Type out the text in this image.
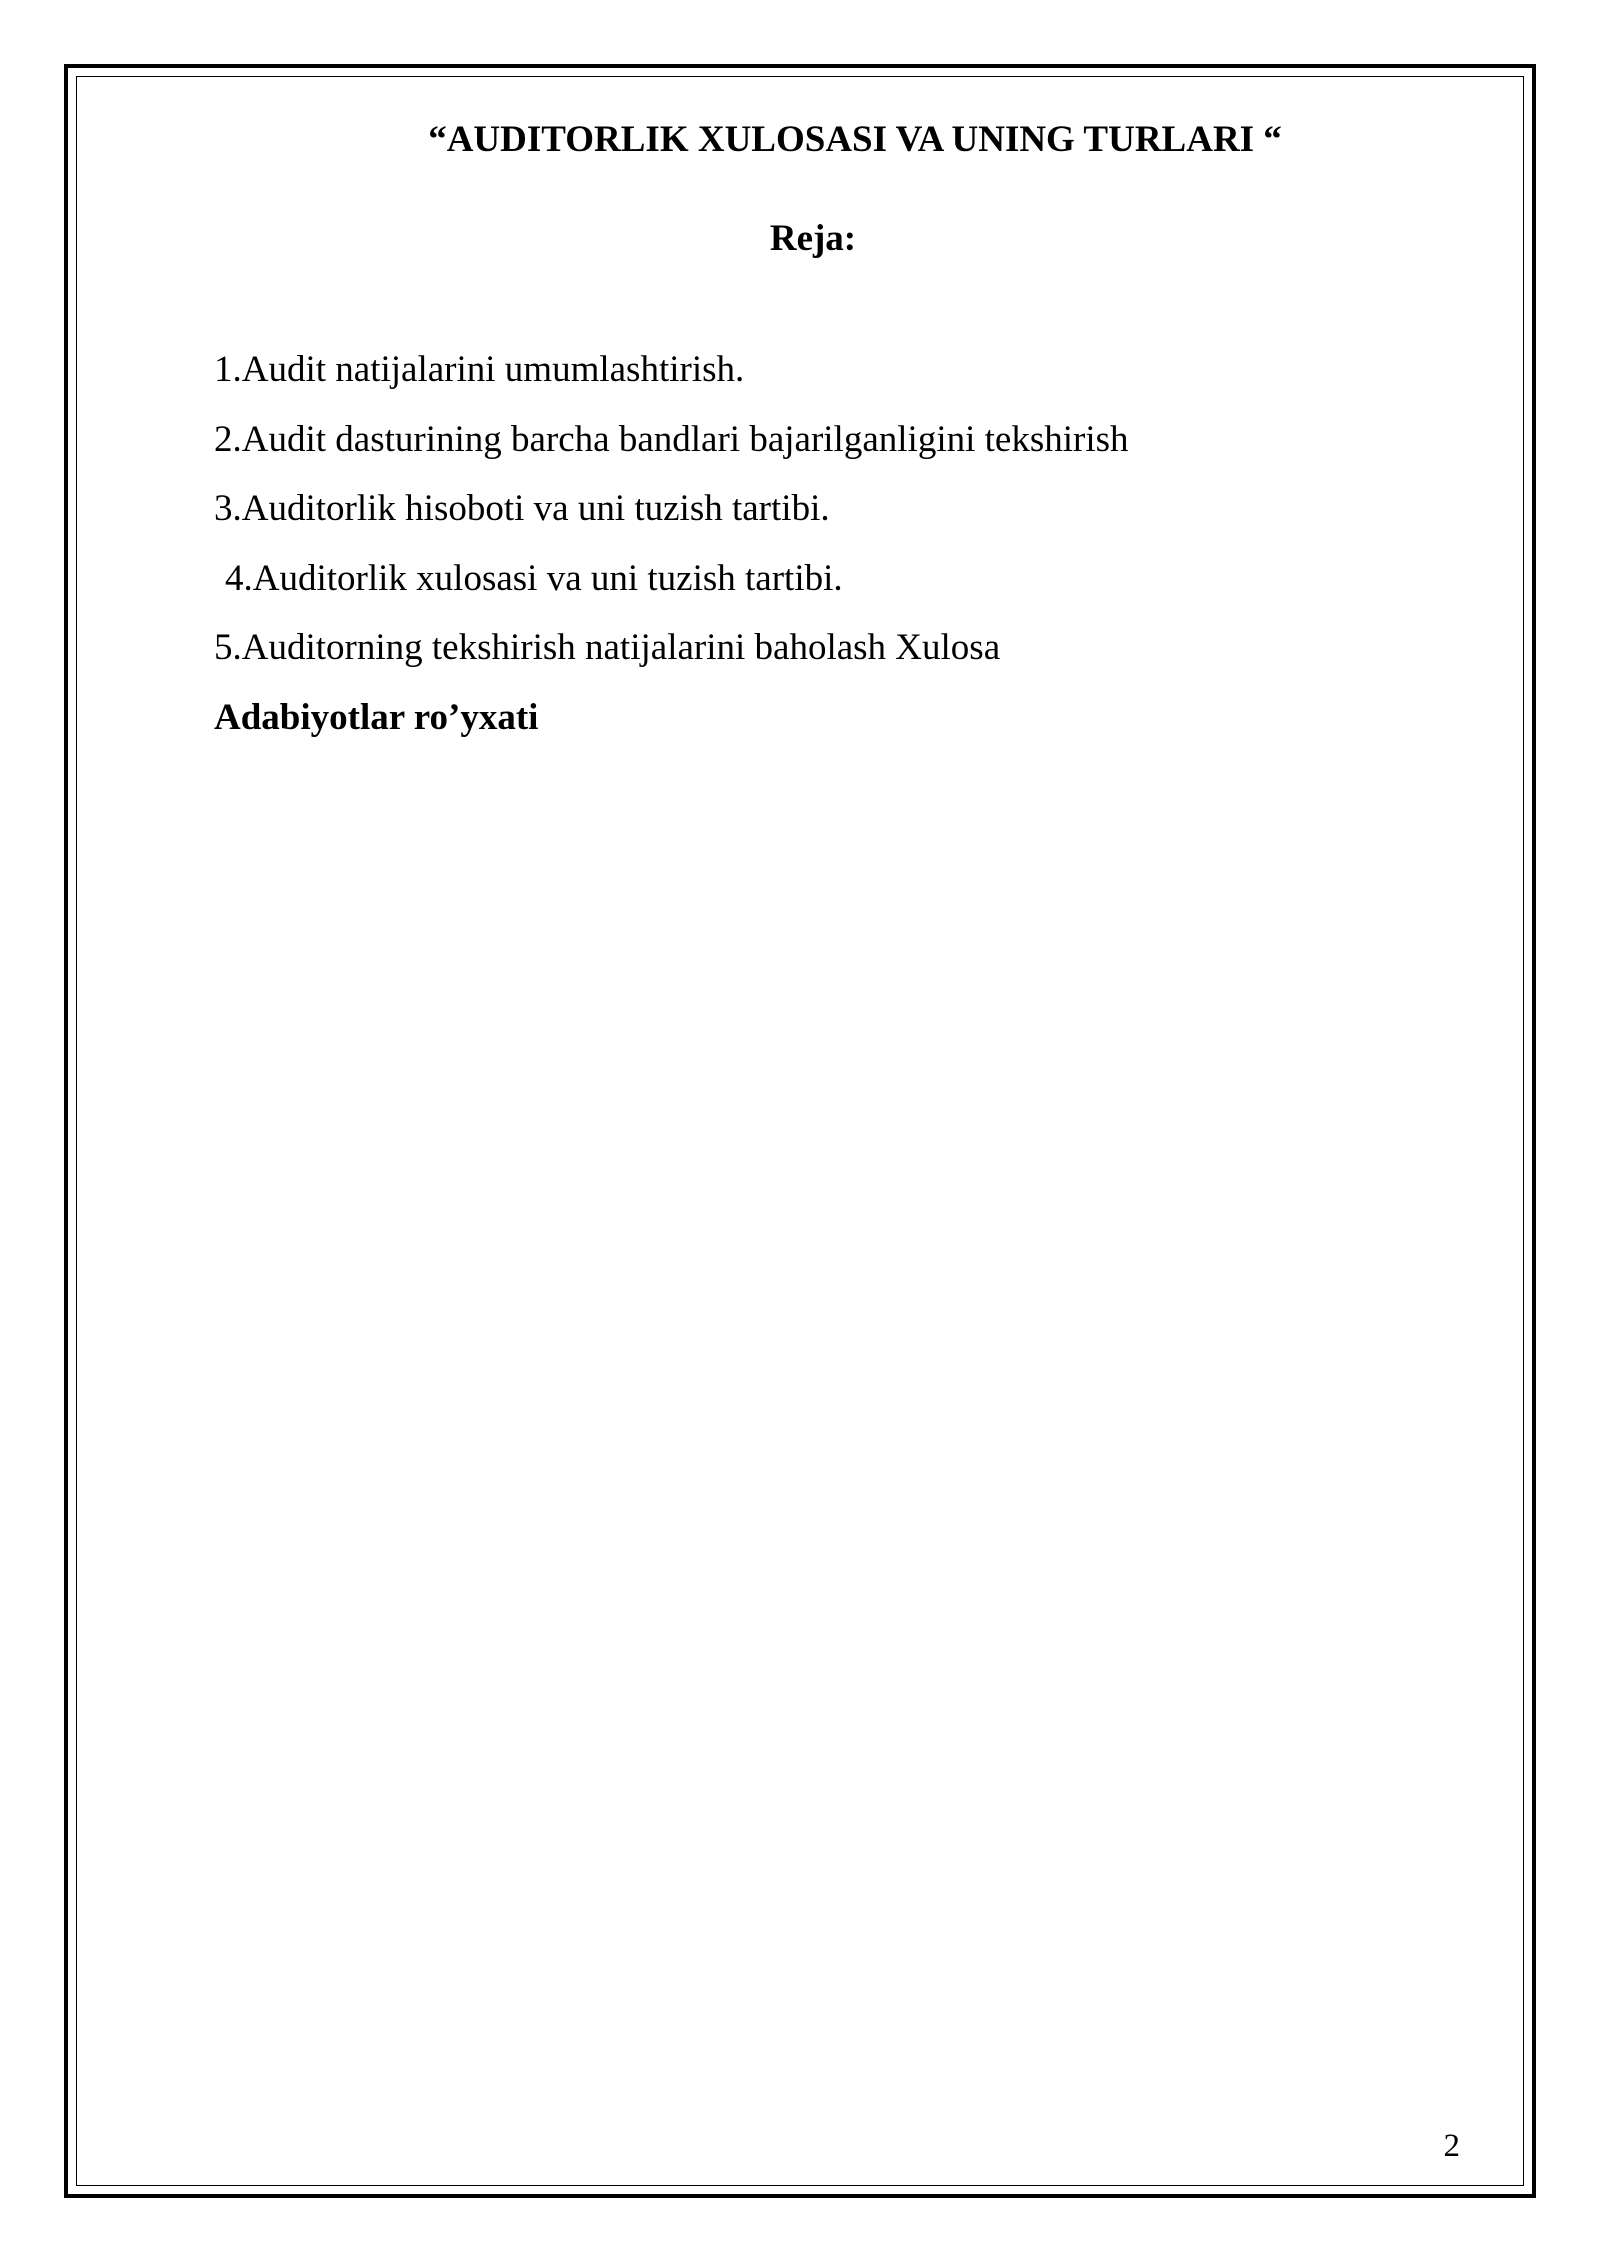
“AUDITORLIK XULOSASI VA UNING TURLARI “
Reja:
1.Audit natijalarini umumlashtirish.
2.Audit dasturining barcha bandlari bajarilganligini tekshirish
3.Auditorlik hisoboti va uni tuzish tartibi.
4.Auditorlik xulosasi va uni tuzish tartibi.
5.Auditorning tekshirish natijalarini baholash Xulosa
Adabiyotlar ro’yxati
2
